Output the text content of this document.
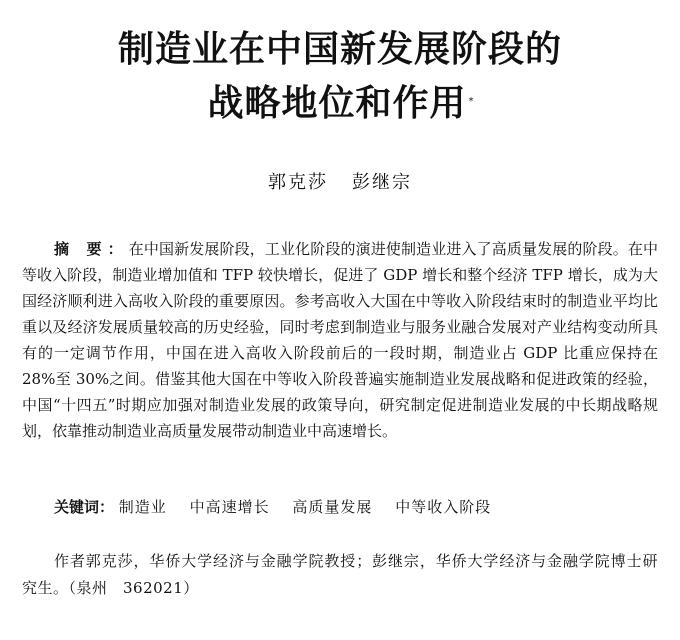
制造业在中国新发展阶段的
战略地位和作用 *
郭克莎 彭继宗

摘 要：在中国新发展阶段，工业化阶段的演进使制造业进入了高质量发展的阶段。在中等收入阶段，制造业增加值和 TFP 较快增长，促进了 GDP 增长和整个经济 TFP 增长，成为大国经济顺利进入高收入阶段的重要原因。参考高收入大国在中等收入阶段结束时的制造业平均比重以及经济发展质量较高的历史经验，同时考虑到制造业与服务业融合发展对产业结构变动所具有的一定调节作用，中国在进入高收入阶段前后的一段时期，制造业占 GDP 比重应保持在 28%至 30%之间。借鉴其他大国在中等收入阶段普遍实施制造业发展战略和促进政策的经验，中国“十四五”时期应加强对制造业发展的政策导向，研究制定促进制造业发展的中长期战略规划，依靠推动制造业高质量发展带动制造业中高速增长。

关键词： 制造业 中高速增长 高质量发展 中等收入阶段

作者郭克莎，华侨大学经济与金融学院教授；彭继宗，华侨大学经济与金融学院博士研究生。（泉州　362021）
